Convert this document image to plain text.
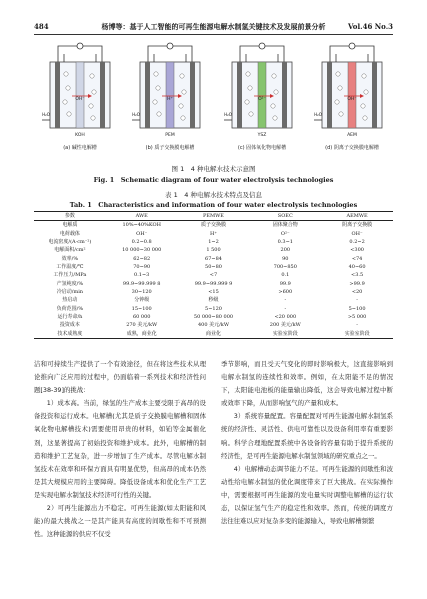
484	杨博等：基于人工智能的可再生能源电解水制氢关键技术及发展前景分析	Vol.46 No.3
OH⁻
KOH
H₂O
(a) 碱性电解槽
H⁺
PEM
H₂O
(b) 质子交换膜电解槽
O²⁻
YSZ
H₂O
(c) 固体氧化物电解槽
OH⁻
AEM
H₂O
(d) 阴离子交换膜电解槽
图 1　4 种电解水技术示意图
Fig. 1　Schematic diagram of four water electrolysis technologies
表 1　4 种电解水技术特点及信息
Tab. 1　Characteristics and information of four water electrolysis technologies
参数	AWE	PEMWE	SOEC	AEMWE
电解质	10%~40%KOH	质子交换膜	固体聚合物	阴离子交换膜
电荷载体	OH⁻	H⁺	O²⁻	OH⁻
电流密度/(A·cm⁻²)	0.2~0.8	1~2	0.3~1	0.2~2
电解面积/cm²	10 000~30 000	1 500	200	<300
效率/%	62~82	67~84	90	<74
工作温度/℃	70~90	50~80	700~850	40~60
工作压力/MPa	0.1~3	<7	0.1	<3.5
产氢纯度/%	99.9~99.999 8	99.9~99.999 9	99.9	>99.9
冷启动/min	30~120	<15	>600	<20
热启动	分钟级	秒级	-	-
负荷范围/%	15~100	5~120	-	5~100
运行寿命/h	60 000	50 000~80 000	<20 000	>5 000
投资成本	270 美元/kW	400 美元/kW	200 美元/kW	-
技术成熟度	成熟，商业化	商业化	实验室阶段	实验室阶段

洁和可持续生产提供了一个有效途径，但在将这些技术从理论推向广泛应用的过程中，仍面临着一系列技术和经济性问题[38-39]的挑战：

1）成本高。当前，绿氢的生产成本主要受限于高昂的设备投资和运行成本。电解槽(尤其是质子交换膜电解槽和固体氧化物电解槽技术)需要使用昂贵的材料，如铂等金属催化剂，这显著提高了初始投资和维护成本。此外，电解槽的制造和维护工艺复杂，进一步增加了生产成本。尽管电解水制氢技术在效率和环保方面具有明显优势，但高昂的成本仍然是其大规模应用的主要障碍。降低设备成本和优化生产工艺是实现电解水制氢技术经济可行性的关键。

2）可再生能源出力不稳定。可再生能源(如太阳能和风能)的最大挑战之一是其产能具有高度的间歇性和不可预测性。这种能源的供应不仅受

季节影响，而且受天气变化的即时影响极大，这直接影响到电解水制氢的连续性和效率。例如，在太阳能不足的情况下，太阳能电池板的能量输出降低，这会导致电解过程中断或效率下降，从而影响氢气的产量和成本。

3）系统容量配置。容量配置对可再生能源电解水制氢系统的经济性、灵活性、供电可靠性以及设备利用率有重要影响。科学合理地配置系统中各设备的容量有助于提升系统的经济性，是可再生能源电解水制氢领域的研究重点之一。

4）电解槽动态调节能力不足。可再生能源的间歇性和波动性给电解水制氢的优化调度带来了巨大挑战。在实际操作中，需要根据可再生能源的发电量实时调整电解槽的运行状态，以保证氢气生产的稳定性和效率。然而，传统的调度方法往往难以应对复杂多变的能源输入，导致电解槽频繁
